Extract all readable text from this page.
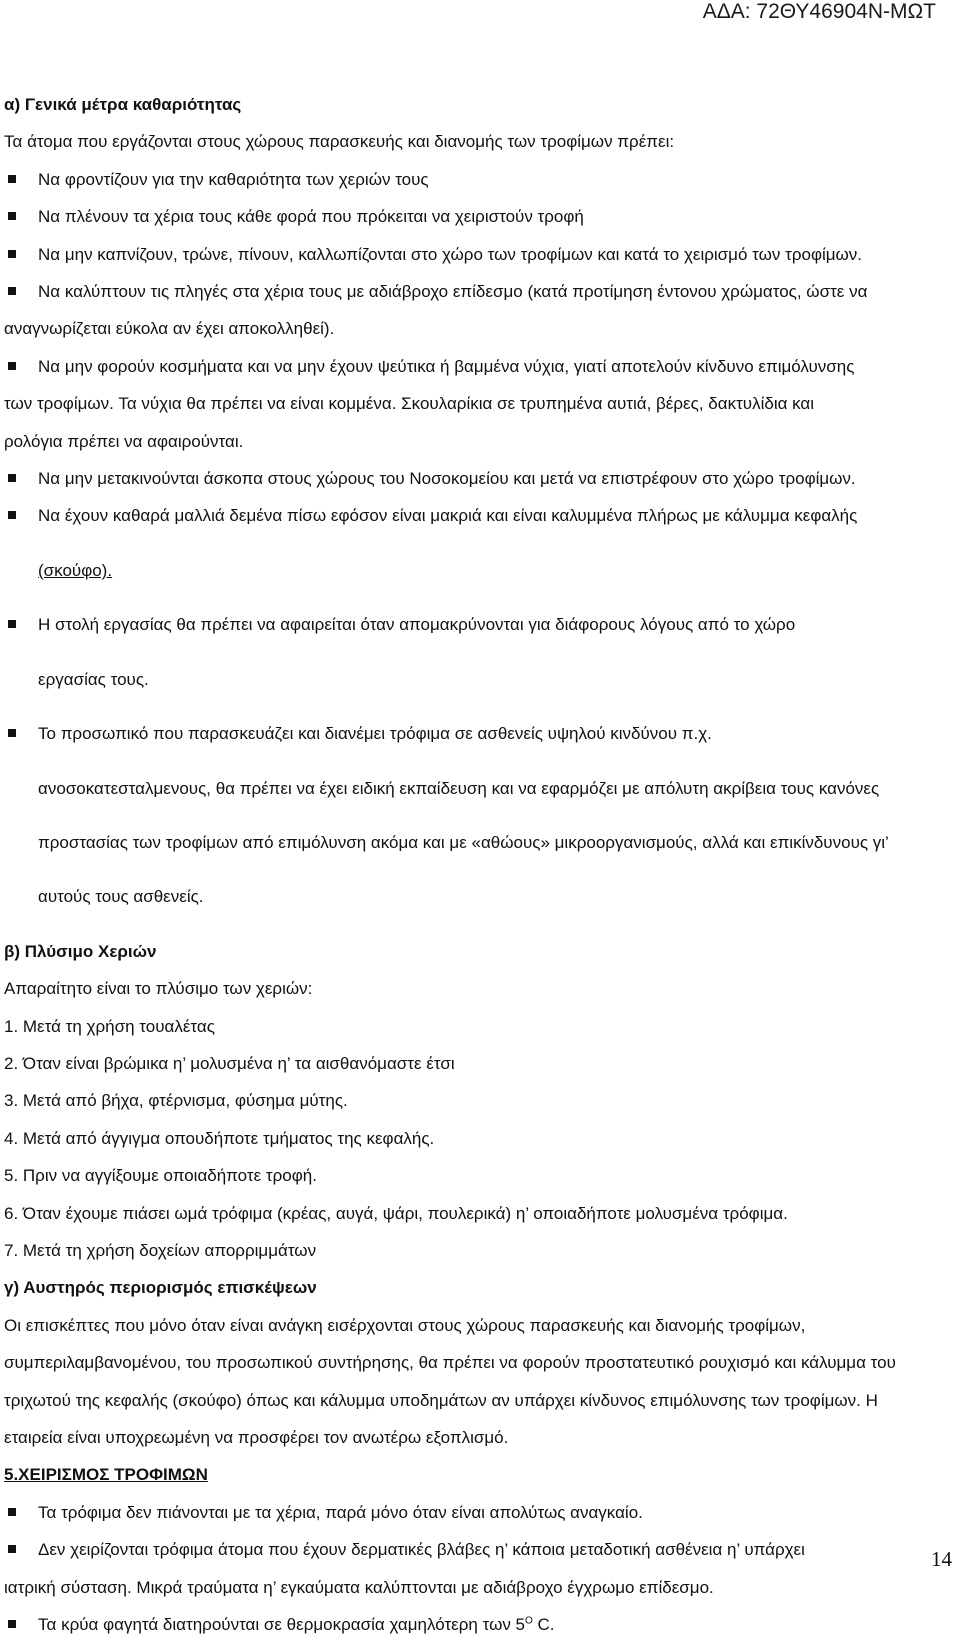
ΑΔΑ: 72ΘΥ46904Ν-ΜΩΤ

α) Γενικά μέτρα καθαριότητας

Τα άτομα που εργάζονται στους χώρους παρασκευής και διανομής των τροφίμων πρέπει:

Να φροντίζουν για την καθαριότητα των χεριών τους
Να πλένουν τα χέρια τους κάθε φορά που πρόκειται να χειριστούν τροφή
Να μην καπνίζουν, τρώνε, πίνουν, καλλωπίζονται στο χώρο των τροφίμων και κατά το χειρισμό των τροφίμων.
Να καλύπτουν τις πληγές στα χέρια τους με αδιάβροχο επίδεσμο (κατά προτίμηση έντονου χρώματος, ώστε να

αναγνωρίζεται εύκολα αν έχει αποκολληθεί).

Να μην φορούν κοσμήματα και να μην έχουν ψεύτικα ή βαμμένα νύχια, γιατί αποτελούν κίνδυνο επιμόλυνσης

των τροφίμων. Τα νύχια θα πρέπει να είναι κομμένα. Σκουλαρίκια σε τρυπημένα αυτιά, βέρες, δακτυλίδια και

ρολόγια πρέπει να αφαιρούνται.

Να μην μετακινούνται άσκοπα στους χώρους του Νοσοκομείου και μετά να επιστρέφουν στο χώρο τροφίμων.
Να έχουν καθαρά μαλλιά δεμένα πίσω εφόσον είναι μακριά και είναι καλυμμένα πλήρως με κάλυμμα κεφαλής

(σκούφο).

Η στολή εργασίας θα πρέπει να αφαιρείται όταν απομακρύνονται για διάφορους λόγους από το χώρο

εργασίας τους.

Το προσωπικό που παρασκευάζει και διανέμει τρόφιμα σε ασθενείς υψηλού κινδύνου π.χ.

ανοσοκατεσταλμενους, θα πρέπει να έχει ειδική εκπαίδευση και να εφαρμόζει με απόλυτη ακρίβεια τους κανόνες

προστασίας των τροφίμων από επιμόλυνση ακόμα και με «αθώους» μικροοργανισμούς, αλλά και επικίνδυνους γι’

αυτούς τους ασθενείς.

β) Πλύσιμο Χεριών

Απαραίτητο είναι το πλύσιμο των χεριών:

1. Μετά τη χρήση τουαλέτας

2. Όταν είναι βρώμικα η’ μολυσμένα η’ τα αισθανόμαστε έτσι

3. Μετά από βήχα, φτέρνισμα, φύσημα μύτης.

4. Μετά από άγγιγμα οπουδήποτε τμήματος της κεφαλής.

5. Πριν να αγγίξουμε οποιαδήποτε τροφή.

6. Όταν έχουμε πιάσει ωμά τρόφιμα (κρέας, αυγά, ψάρι, πουλερικά) η’ οποιαδήποτε μολυσμένα τρόφιμα.

7. Μετά τη χρήση δοχείων απορριμμάτων

γ) Αυστηρός περιορισμός επισκέψεων

Οι επισκέπτες που μόνο όταν είναι ανάγκη εισέρχονται στους χώρους παρασκευής και διανομής τροφίμων,

συμπεριλαμβανομένου, του προσωπικού συντήρησης, θα πρέπει να φορούν προστατευτικό ρουχισμό και κάλυμμα του

τριχωτού της κεφαλής (σκούφο) όπως και κάλυμμα υποδημάτων αν υπάρχει κίνδυνος επιμόλυνσης των τροφίμων. Η

εταιρεία είναι υποχρεωμένη να προσφέρει τον ανωτέρω εξοπλισμό.

5.ΧΕΙΡΙΣΜΟΣ ΤΡΟΦΙΜΩΝ

Τα τρόφιμα δεν πιάνονται με τα χέρια, παρά μόνο όταν είναι απολύτως αναγκαίο.
Δεν χειρίζονται τρόφιμα άτομα που έχουν δερματικές βλάβες η’ κάποια μεταδοτική ασθένεια η’ υπάρχει

ιατρική σύσταση. Μικρά τραύματα η’ εγκαύματα καλύπτονται με αδιάβροχο έγχρωμο επίδεσμο.

Τα κρύα φαγητά διατηρούνται σε θερμοκρασία χαμηλότερη των $5^O$ C.
14
